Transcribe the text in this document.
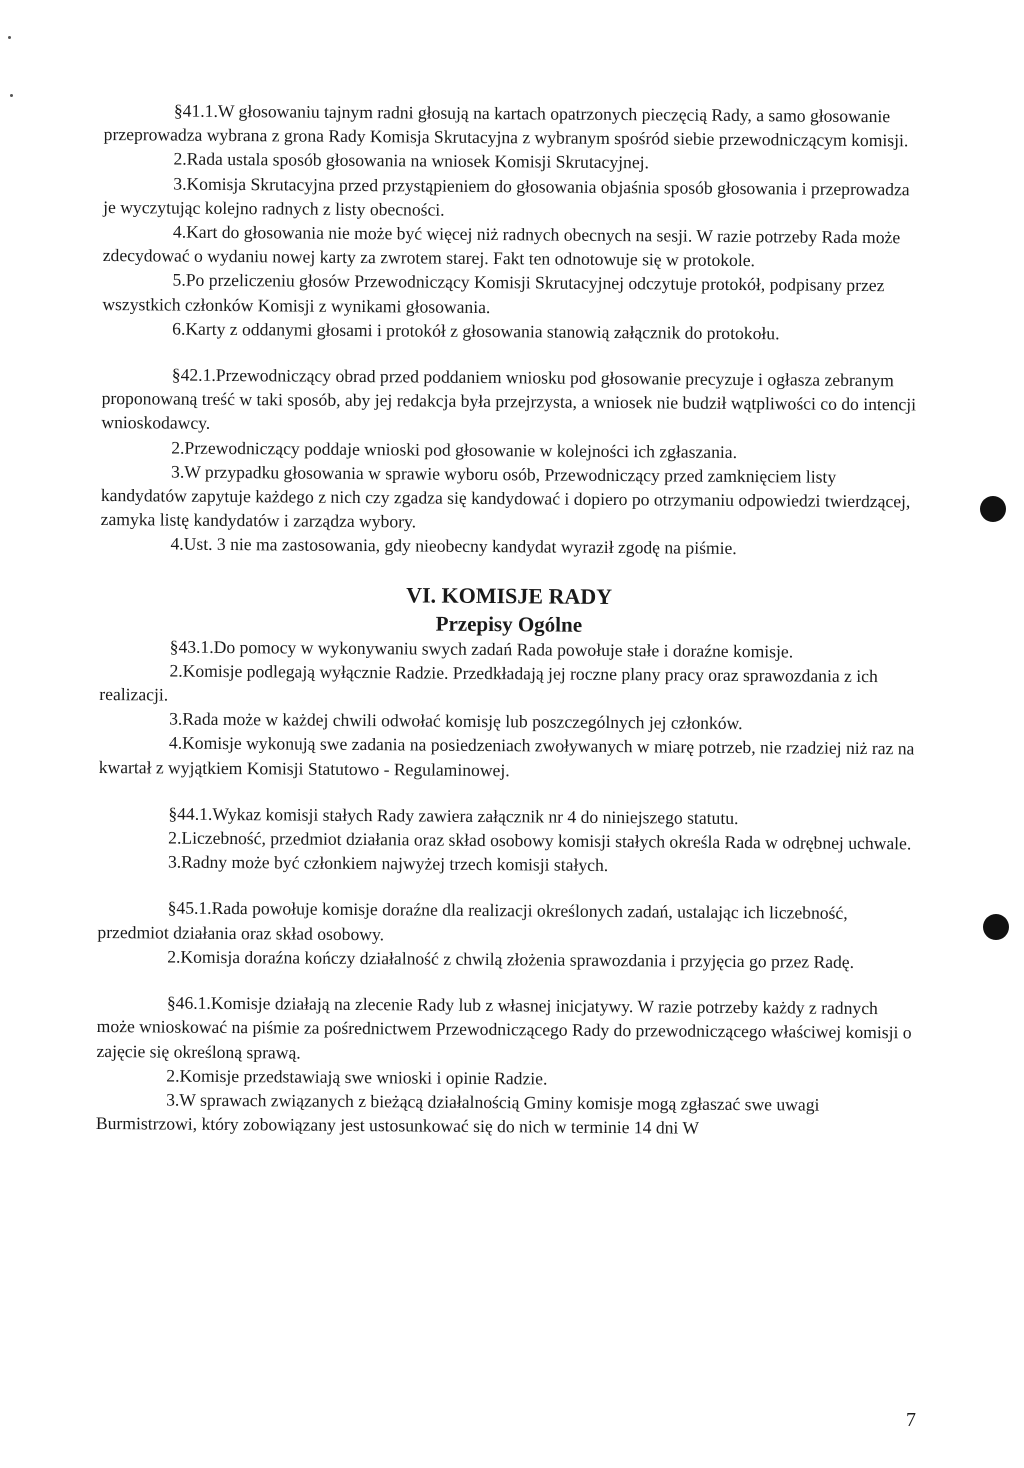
§41.1.W głosowaniu tajnym radni głosują na kartach opatrzonych pieczęcią Rady, a samo głosowanie przeprowadza wybrana z grona Rady Komisja Skrutacyjna z wybranym spośród siebie przewodniczącym komisji.

2.Rada ustala sposób głosowania na wniosek Komisji Skrutacyjnej.

3.Komisja Skrutacyjna przed przystąpieniem do głosowania objaśnia sposób głosowania i przeprowadza je wyczytując kolejno radnych z listy obecności.

4.Kart do głosowania nie może być więcej niż radnych obecnych na sesji. W razie potrzeby Rada może zdecydować o wydaniu nowej karty za zwrotem starej. Fakt ten odnotowuje się w protokole.

5.Po przeliczeniu głosów Przewodniczący Komisji Skrutacyjnej odczytuje protokół, podpisany przez wszystkich członków Komisji z wynikami głosowania.

6.Karty z oddanymi głosami i protokół z głosowania stanowią załącznik do protokołu.

§42.1.Przewodniczący obrad przed poddaniem wniosku pod głosowanie precyzuje i ogłasza zebranym proponowaną treść w taki sposób, aby jej redakcja była przejrzysta, a wniosek nie budził wątpliwości co do intencji wnioskodawcy.

2.Przewodniczący poddaje wnioski pod głosowanie w kolejności ich zgłaszania.

3.W przypadku głosowania w sprawie wyboru osób, Przewodniczący przed zamknięciem listy kandydatów zapytuje każdego z nich czy zgadza się kandydować i dopiero po otrzymaniu odpowiedzi twierdzącej, zamyka listę kandydatów i zarządza wybory.

4.Ust. 3 nie ma zastosowania, gdy nieobecny kandydat wyraził zgodę na piśmie.

VI. KOMISJE RADY
Przepisy Ogólne

§43.1.Do pomocy w wykonywaniu swych zadań Rada powołuje stałe i doraźne komisje.

2.Komisje podlegają wyłącznie Radzie. Przedkładają jej roczne plany pracy oraz sprawozdania z ich realizacji.

3.Rada może w każdej chwili odwołać komisję lub poszczególnych jej członków.

4.Komisje wykonują swe zadania na posiedzeniach zwoływanych w miarę potrzeb, nie rzadziej niż raz na kwartał z wyjątkiem Komisji Statutowo - Regulaminowej.

§44.1.Wykaz komisji stałych Rady zawiera załącznik nr 4 do niniejszego statutu.

2.Liczebność, przedmiot działania oraz skład osobowy komisji stałych określa Rada w odrębnej uchwale.

3.Radny może być członkiem najwyżej trzech komisji stałych.

§45.1.Rada powołuje komisje doraźne dla realizacji określonych zadań, ustalając ich liczebność, przedmiot działania oraz skład osobowy.

2.Komisja doraźna kończy działalność z chwilą złożenia sprawozdania i przyjęcia go przez Radę.

§46.1.Komisje działają na zlecenie Rady lub z własnej inicjatywy. W razie potrzeby każdy z radnych może wnioskować na piśmie za pośrednictwem Przewodniczącego Rady do przewodniczącego właściwej komisji o zajęcie się określoną sprawą.

2.Komisje przedstawiają swe wnioski i opinie Radzie.

3.W sprawach związanych z bieżącą działalnością Gminy komisje mogą zgłaszać swe uwagi Burmistrzowi, który zobowiązany jest ustosunkować się do nich w terminie 14 dni W

7
